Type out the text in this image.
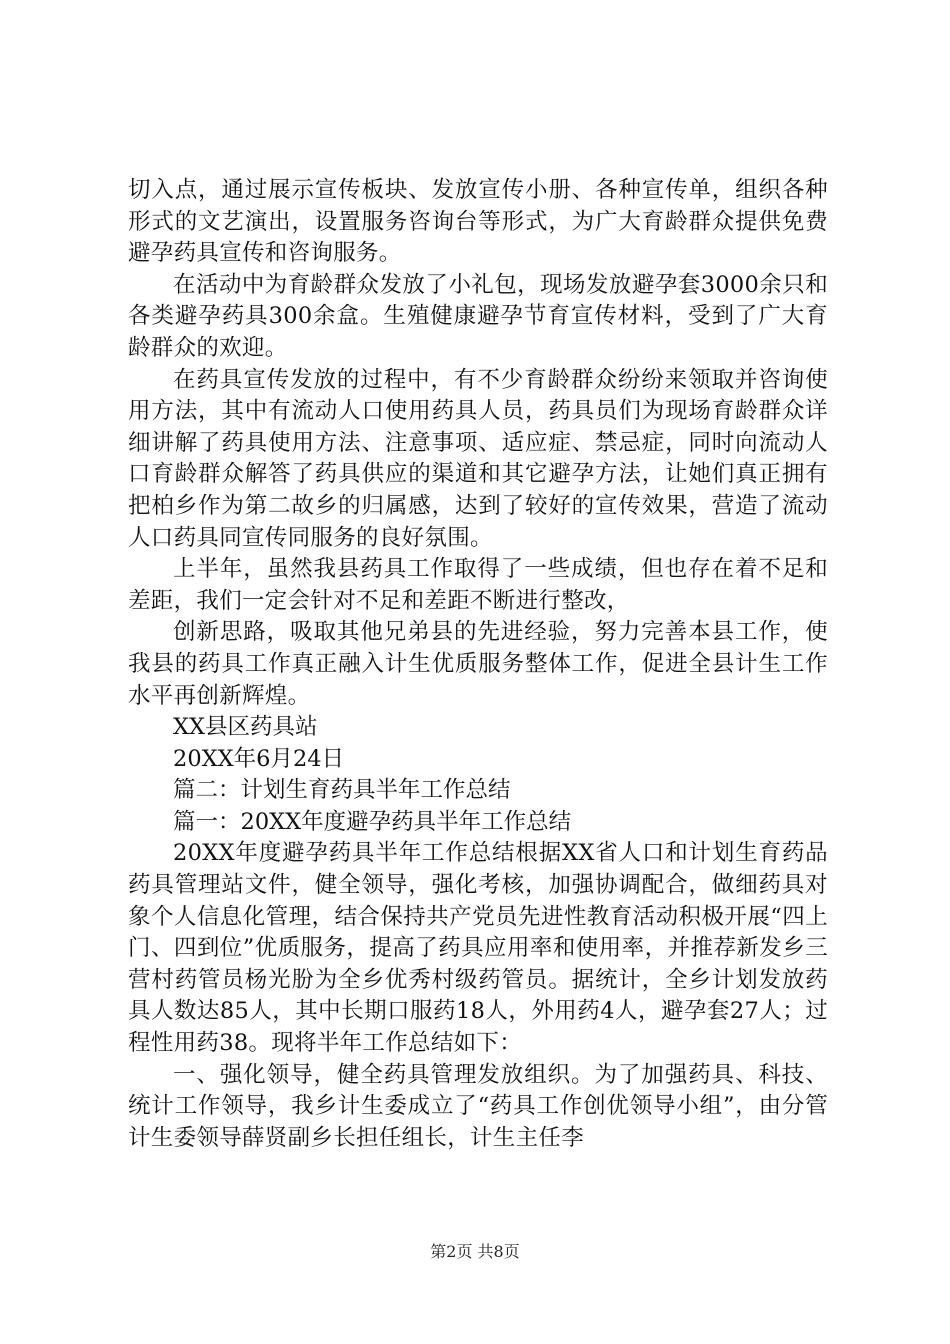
切入点，通过展示宣传板块、发放宣传小册、各种宣传单，组织各种形式的文艺演出，设置服务咨询台等形式，为广大育龄群众提供免费避孕药具宣传和咨询服务。

在活动中为育龄群众发放了小礼包，现场发放避孕套3000余只和各类避孕药具300余盒。生殖健康避孕节育宣传材料，受到了广大育龄群众的欢迎。

在药具宣传发放的过程中，有不少育龄群众纷纷来领取并咨询使用方法，其中有流动人口使用药具人员，药具员们为现场育龄群众详细讲解了药具使用方法、注意事项、适应症、禁忌症，同时向流动人口育龄群众解答了药具供应的渠道和其它避孕方法，让她们真正拥有把柏乡作为第二故乡的归属感，达到了较好的宣传效果，营造了流动人口药具同宣传同服务的良好氛围。

上半年，虽然我县药具工作取得了一些成绩，但也存在着不足和差距，我们一定会针对不足和差距不断进行整改，

创新思路，吸取其他兄弟县的先进经验，努力完善本县工作，使我县的药具工作真正融入计生优质服务整体工作，促进全县计生工作水平再创新辉煌。

XX县区药具站

20XX年6月24日

篇二：计划生育药具半年工作总结

篇一：20XX年度避孕药具半年工作总结

20XX年度避孕药具半年工作总结根据XX省人口和计划生育药品药具管理站文件，健全领导，强化考核，加强协调配合，做细药具对象个人信息化管理，结合保持共产党员先进性教育活动积极开展“四上门、四到位”优质服务，提高了药具应用率和使用率，并推荐新发乡三营村药管员杨光朌为全乡优秀村级药管员。据统计，全乡计划发放药具人数达85人，其中长期口服药18人，外用药4人，避孕套27人；过程性用药38。现将半年工作总结如下：

一、强化领导，健全药具管理发放组织。为了加强药具、科技、统计工作领导，我乡计生委成立了“药具工作创优领导小组”，由分管计生委领导薛贤副乡长担任组长，计生主任李

第2页 共8页
